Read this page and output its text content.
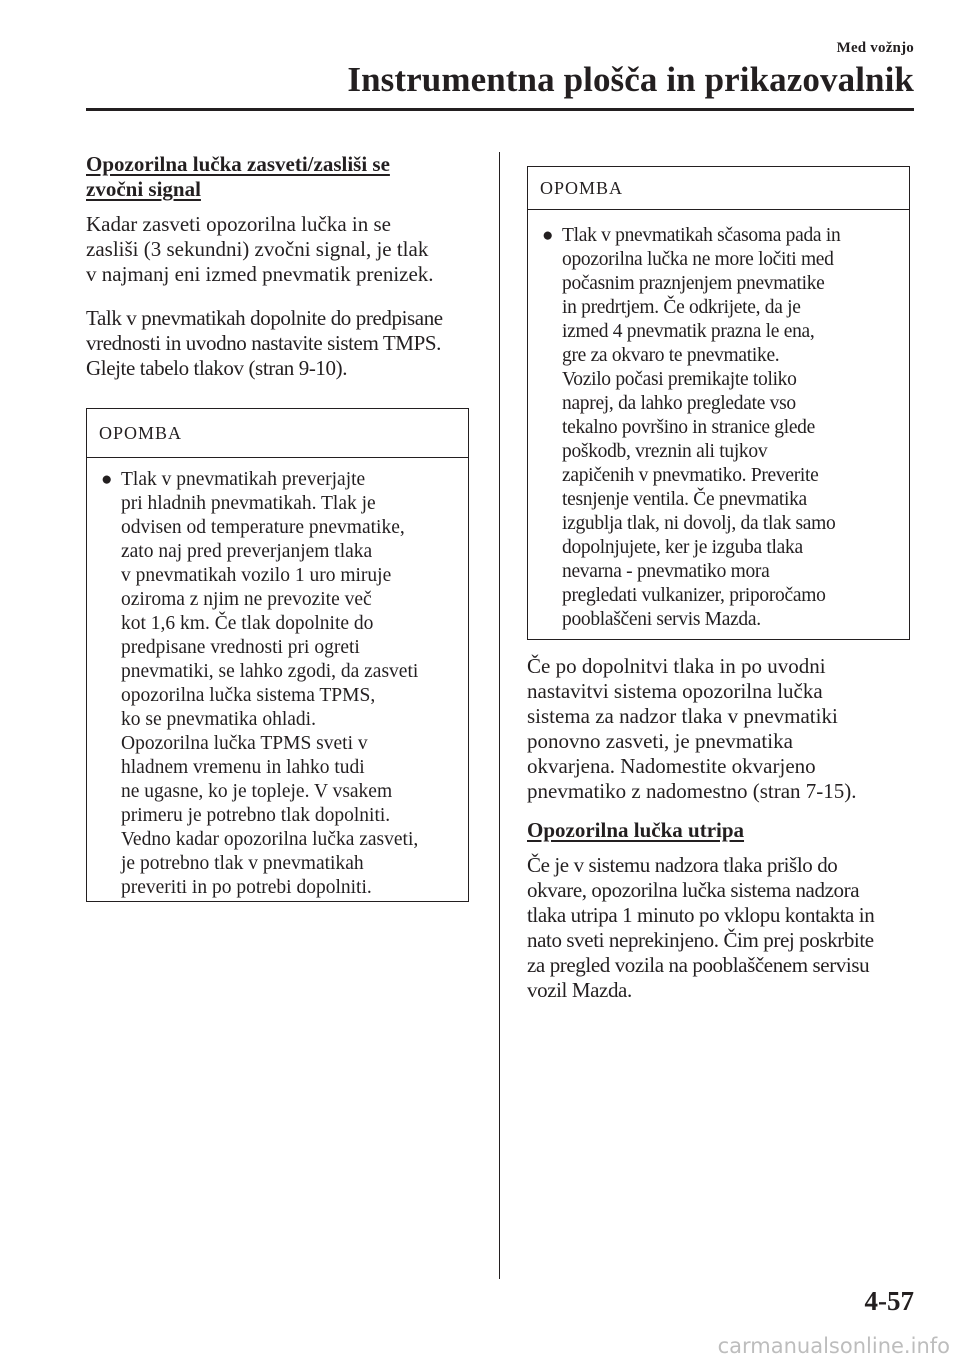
Med vožnjo
Instrumentna plošča in prikazovalnik
Opozorilna lučka zasveti/zasliši se
zvočni signal

Kadar zasveti opozorilna lučka in se
zasliši (3 sekundni) zvočni signal, je tlak
v najmanj eni izmed pnevmatik prenizek.

Talk v pnevmatikah dopolnite do predpisane
vrednosti in uvodno nastavite sistem TMPS.
Glejte tabelo tlakov (stran 9-10).

OPOMBA
● Tlak v pnevmatikah preverjajte
pri hladnih pnevmatikah. Tlak je
odvisen od temperature pnevmatike,
zato naj pred preverjanjem tlaka
v pnevmatikah vozilo 1 uro miruje
oziroma z njim ne prevozite več
kot 1,6 km. Če tlak dopolnite do
predpisane vrednosti pri ogreti
pnevmatiki, se lahko zgodi, da zasveti
opozorilna lučka sistema TPMS,
ko se pnevmatika ohladi.
Opozorilna lučka TPMS sveti v
hladnem vremenu in lahko tudi
ne ugasne, ko je topleje. V vsakem
primeru je potrebno tlak dopolniti.
Vedno kadar opozorilna lučka zasveti,
je potrebno tlak v pnevmatikah
preveriti in po potrebi dopolniti.

OPOMBA
● Tlak v pnevmatikah sčasoma pada in
opozorilna lučka ne more ločiti med
počasnim praznjenjem pnevmatike
in predrtjem. Če odkrijete, da je
izmed 4 pnevmatik prazna le ena,
gre za okvaro te pnevmatike.
Vozilo počasi premikajte toliko
naprej, da lahko pregledate vso
tekalno površino in stranice glede
poškodb, vreznin ali tujkov
zapičenih v pnevmatiko. Preverite
tesnjenje ventila. Če pnevmatika
izgublja tlak, ni dovolj, da tlak samo
dopolnjujete, ker je izguba tlaka
nevarna - pnevmatiko mora
pregledati vulkanizer, priporočamo
pooblaščeni servis Mazda.

Če po dopolnitvi tlaka in po uvodni
nastavitvi sistema opozorilna lučka
sistema za nadzor tlaka v pnevmatiki
ponovno zasveti, je pnevmatika
okvarjena. Nadomestite okvarjeno
pnevmatiko z nadomestno (stran 7-15).

Opozorilna lučka utripa

Če je v sistemu nadzora tlaka prišlo do
okvare, opozorilna lučka sistema nadzora
tlaka utripa 1 minuto po vklopu kontakta in
nato sveti neprekinjeno. Čim prej poskrbite
za pregled vozila na pooblaščenem servisu
vozil Mazda.

4-57
carmanualsonline.info
